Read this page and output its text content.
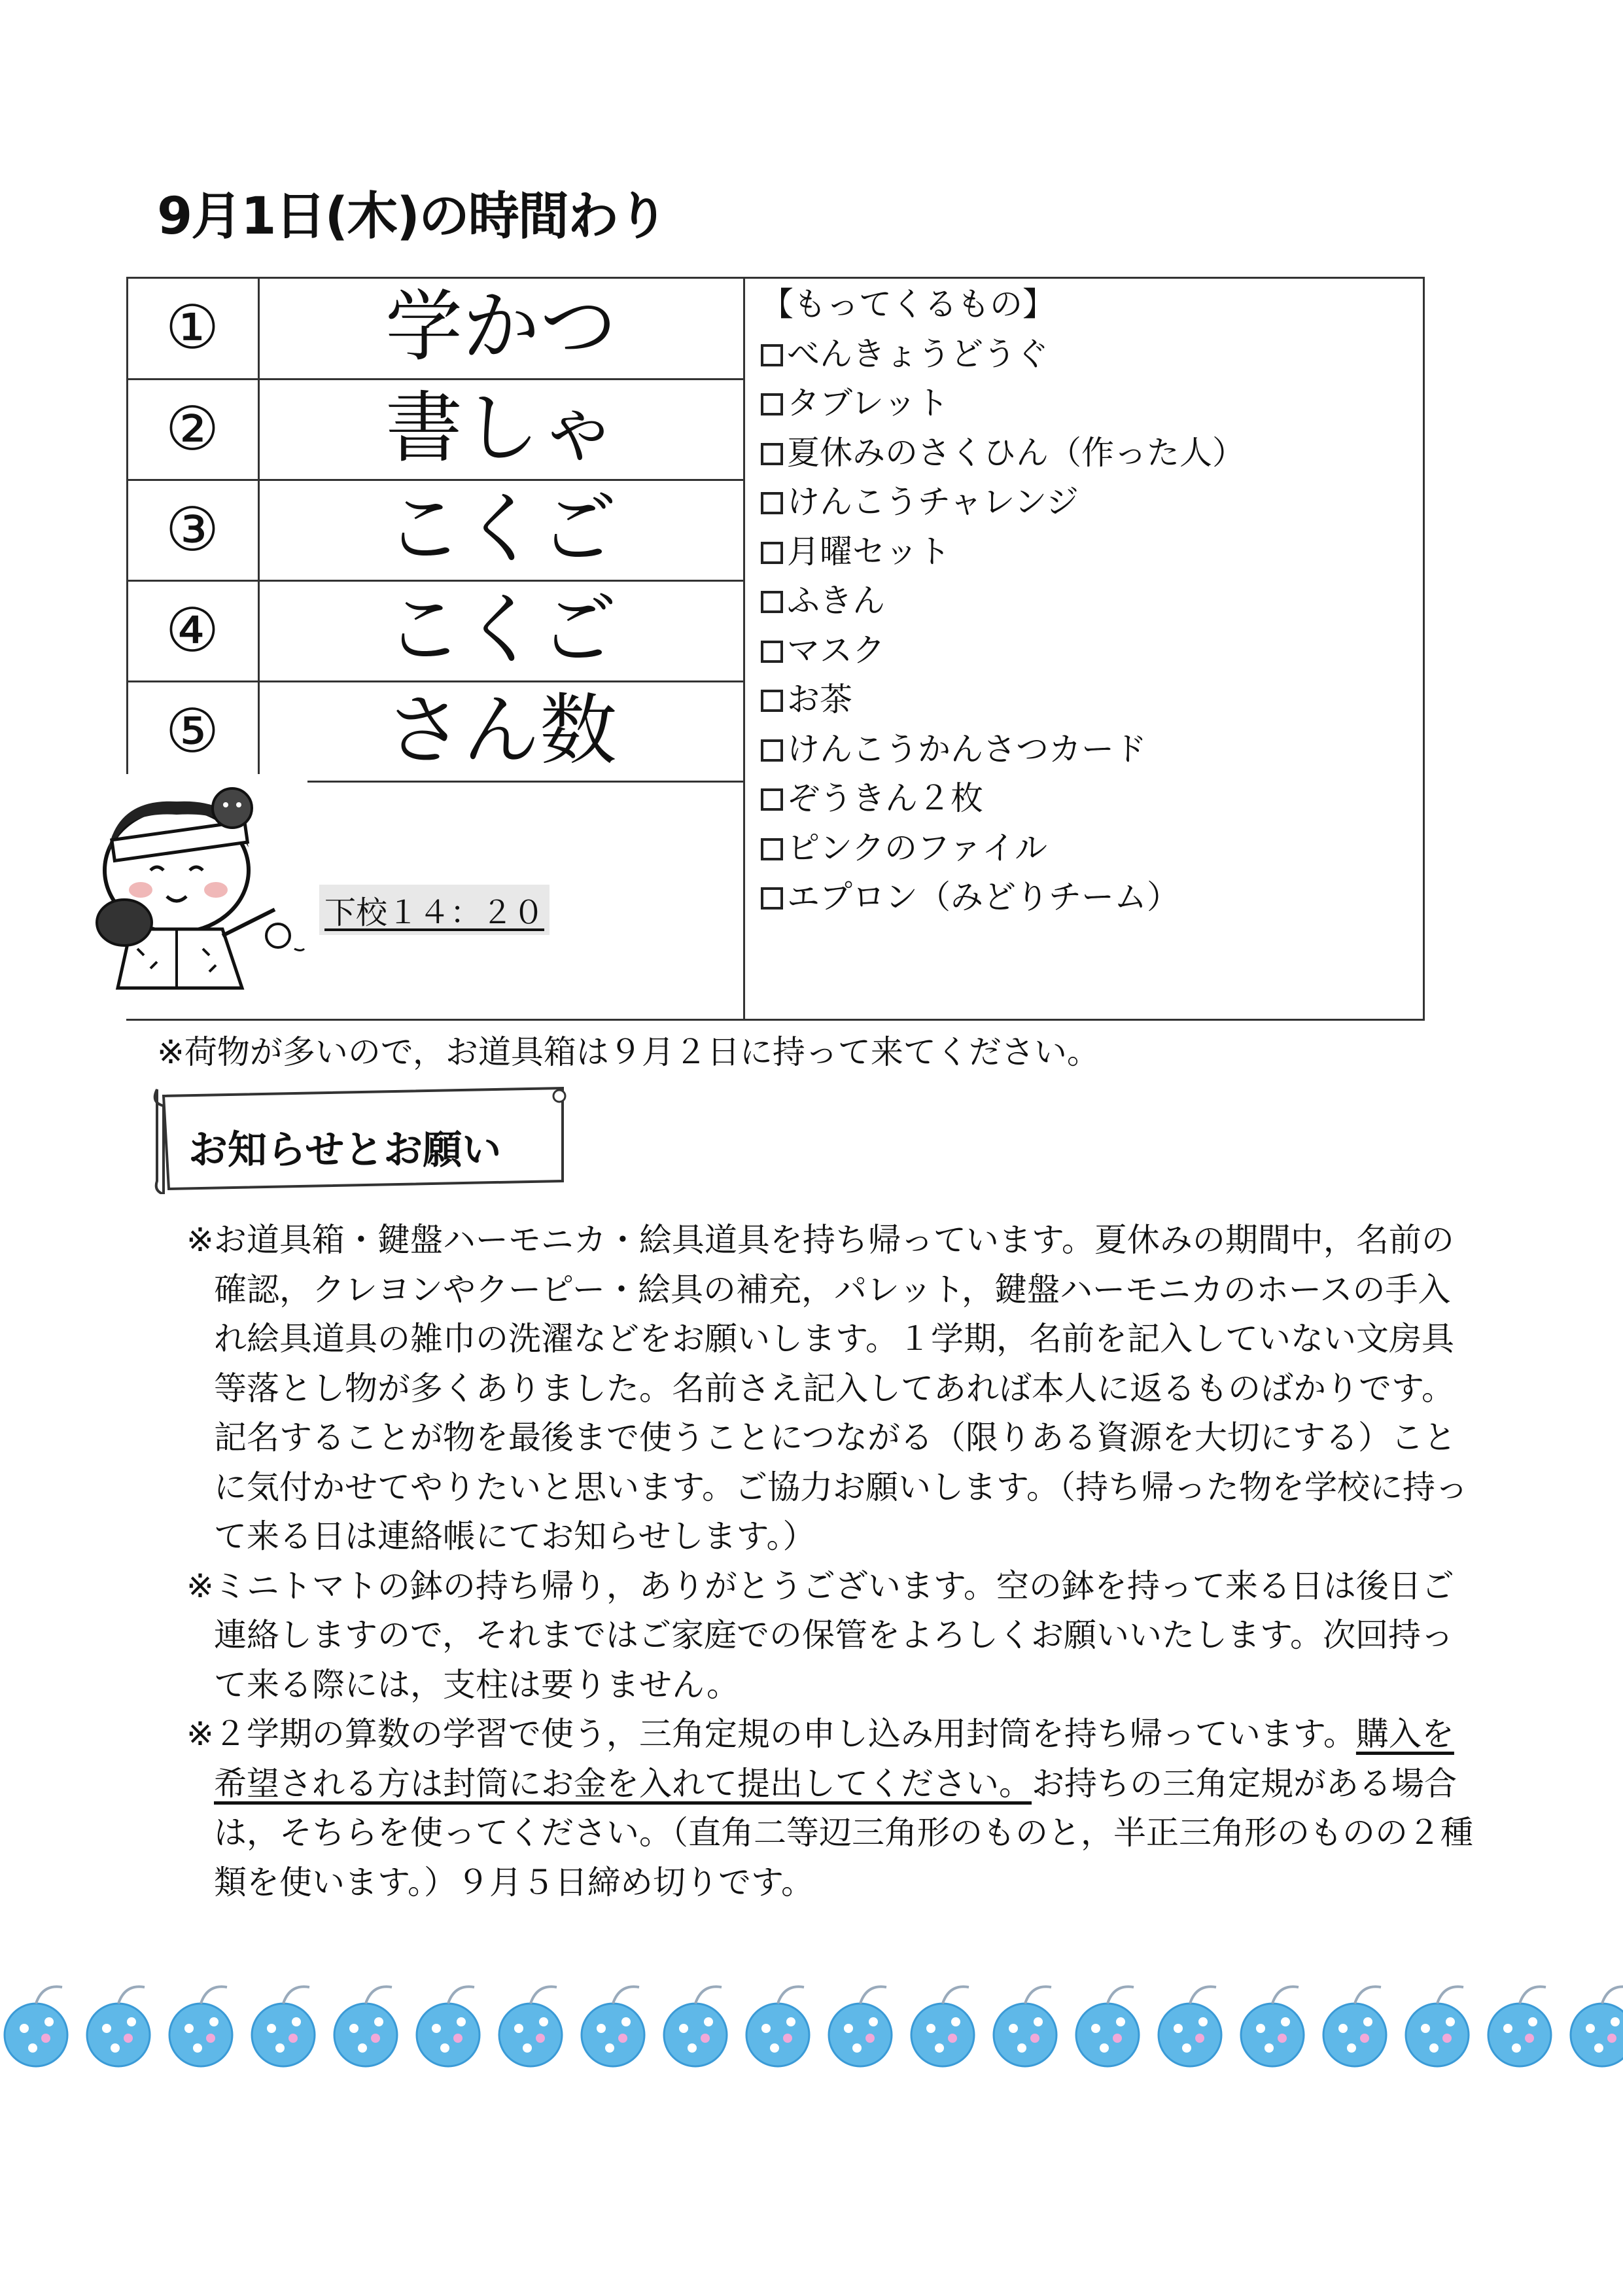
9月1日(木)の時間わり
①
②
③
④
⑤
学かつ
書しゃ
こくご
こくご
さん数
【もってくるもの】
べんきょうどうぐ
タブレット
夏休みのさくひん（作った人）
けんこうチャレンジ
月曜セット
ふきん
マスク
お茶
けんこうかんさつカード
ぞうきん２枚
ピンクのファイル
エプロン（みどりチーム）
下校１４：２０
※荷物が多いので，お道具箱は９月２日に持って来てください。
お知らせとお願い

※お道具箱・鍵盤ハーモニカ・絵具道具を持ち帰っています。夏休みの期間中，名前の

確認，クレヨンやクーピー・絵具の補充，パレット，鍵盤ハーモニカのホースの手入

れ絵具道具の雑巾の洗濯などをお願いします。１学期，名前を記入していない文房具

等落とし物が多くありました。名前さえ記入してあれば本人に返るものばかりです。

記名することが物を最後まで使うことにつながる（限りある資源を大切にする）こと

に気付かせてやりたいと思います。ご協力お願いします。（持ち帰った物を学校に持っ

て来る日は連絡帳にてお知らせします。）

※ミニトマトの鉢の持ち帰り，ありがとうございます。空の鉢を持って来る日は後日ご

連絡しますので，それまではご家庭での保管をよろしくお願いいたします。次回持っ

て来る際には，支柱は要りません。

※２学期の算数の学習で使う，三角定規の申し込み用封筒を持ち帰っています。購入を

希望される方は封筒にお金を入れて提出してください。お持ちの三角定規がある場合

は，そちらを使ってください。（直角二等辺三角形のものと，半正三角形のものの２種

類を使います。）９月５日締め切りです。
